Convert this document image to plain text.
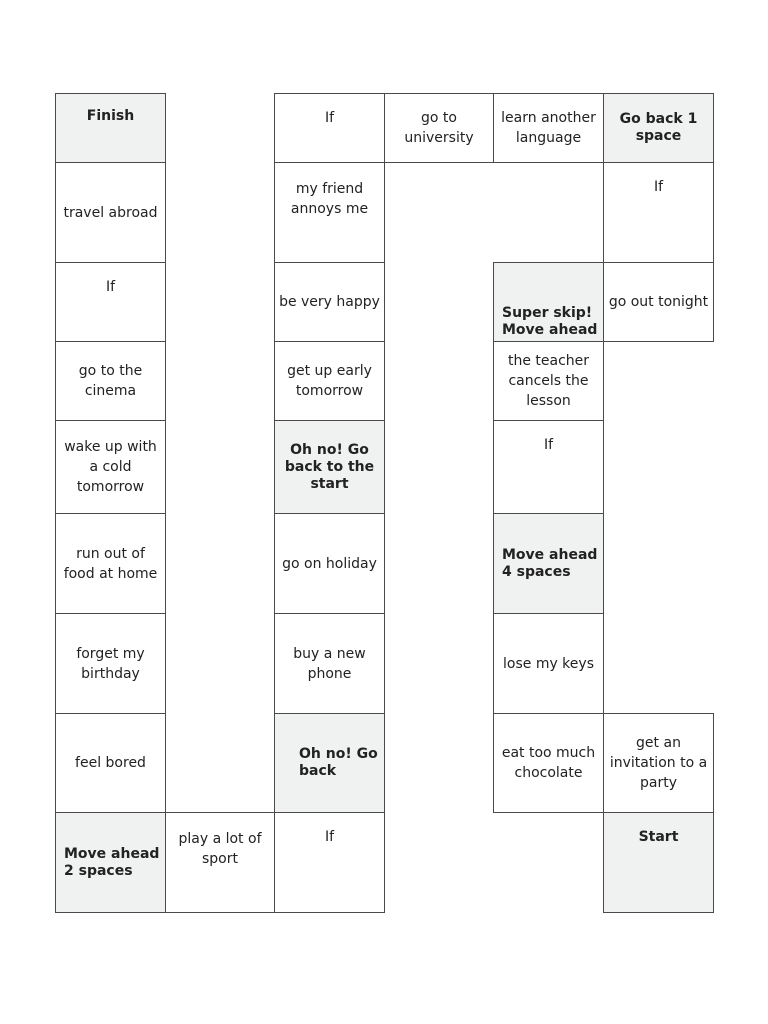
Finish
travel abroad
If
go to the cinema
wake up with a cold tomorrow
run out of food at home
forget my birthday
feel bored
Move ahead 2 spaces
play a lot of sport
If
Oh no! Go back
buy a new phone
go on holiday
Oh no! Go back to the start
get up early tomorrow
be very happy
my friend annoys me
If	go to university
learn another language
Go back 1 space
If
go out tonight
Super skip! Move ahead
the teacher cancels the lesson
If
Move ahead 4 spaces
lose my keys
eat too much chocolate
get an invitation to a party
Start
